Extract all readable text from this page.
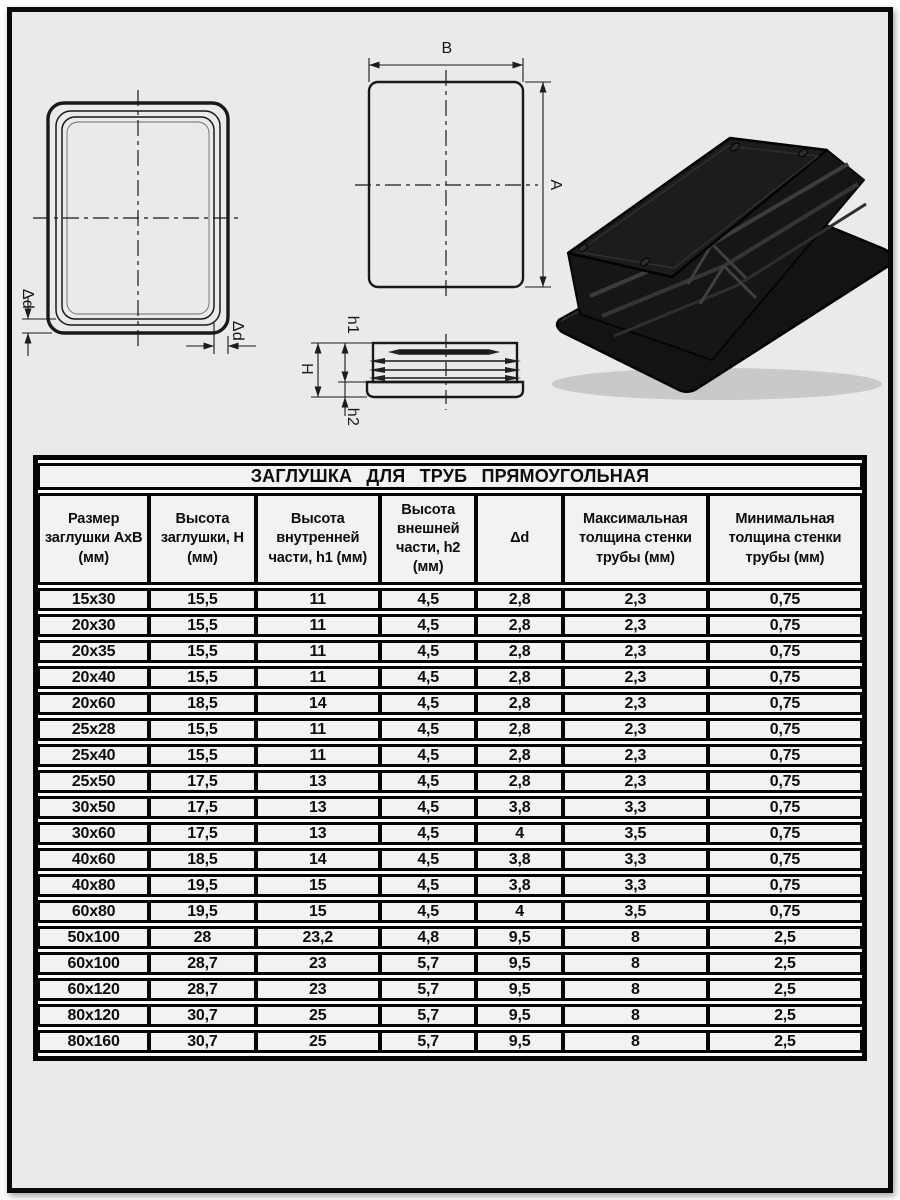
B
A
Δd
Δd	h1
H
h2
ЗАГЛУШКА ДЛЯ ТРУБ ПРЯМОУГОЛЬНАЯ						
Размер заглушки АхВ (мм)	Высота заглушки, Н (мм)	Высота внутренней части, h1 (мм)	Высота внешней части, h2 (мм)	Δd	Максимальная толщина стенки трубы (мм)	Минимальная толщина стенки трубы (мм)
15х30	15,5	11	4,5	2,8	2,3	0,75
20х30	15,5	11	4,5	2,8	2,3	0,75
20х35	15,5	11	4,5	2,8	2,3	0,75
20х40	15,5	11	4,5	2,8	2,3	0,75
20х60	18,5	14	4,5	2,8	2,3	0,75
25х28	15,5	11	4,5	2,8	2,3	0,75
25х40	15,5	11	4,5	2,8	2,3	0,75
25х50	17,5	13	4,5	2,8	2,3	0,75
30х50	17,5	13	4,5	3,8	3,3	0,75
30х60	17,5	13	4,5	4	3,5	0,75
40х60	18,5	14	4,5	3,8	3,3	0,75
40х80	19,5	15	4,5	3,8	3,3	0,75
60х80	19,5	15	4,5	4	3,5	0,75
50х100	28	23,2	4,8	9,5	8	2,5
60х100	28,7	23	5,7	9,5	8	2,5
60х120	28,7	23	5,7	9,5	8	2,5
80х120	30,7	25	5,7	9,5	8	2,5
80х160	30,7	25	5,7	9,5	8	2,5
